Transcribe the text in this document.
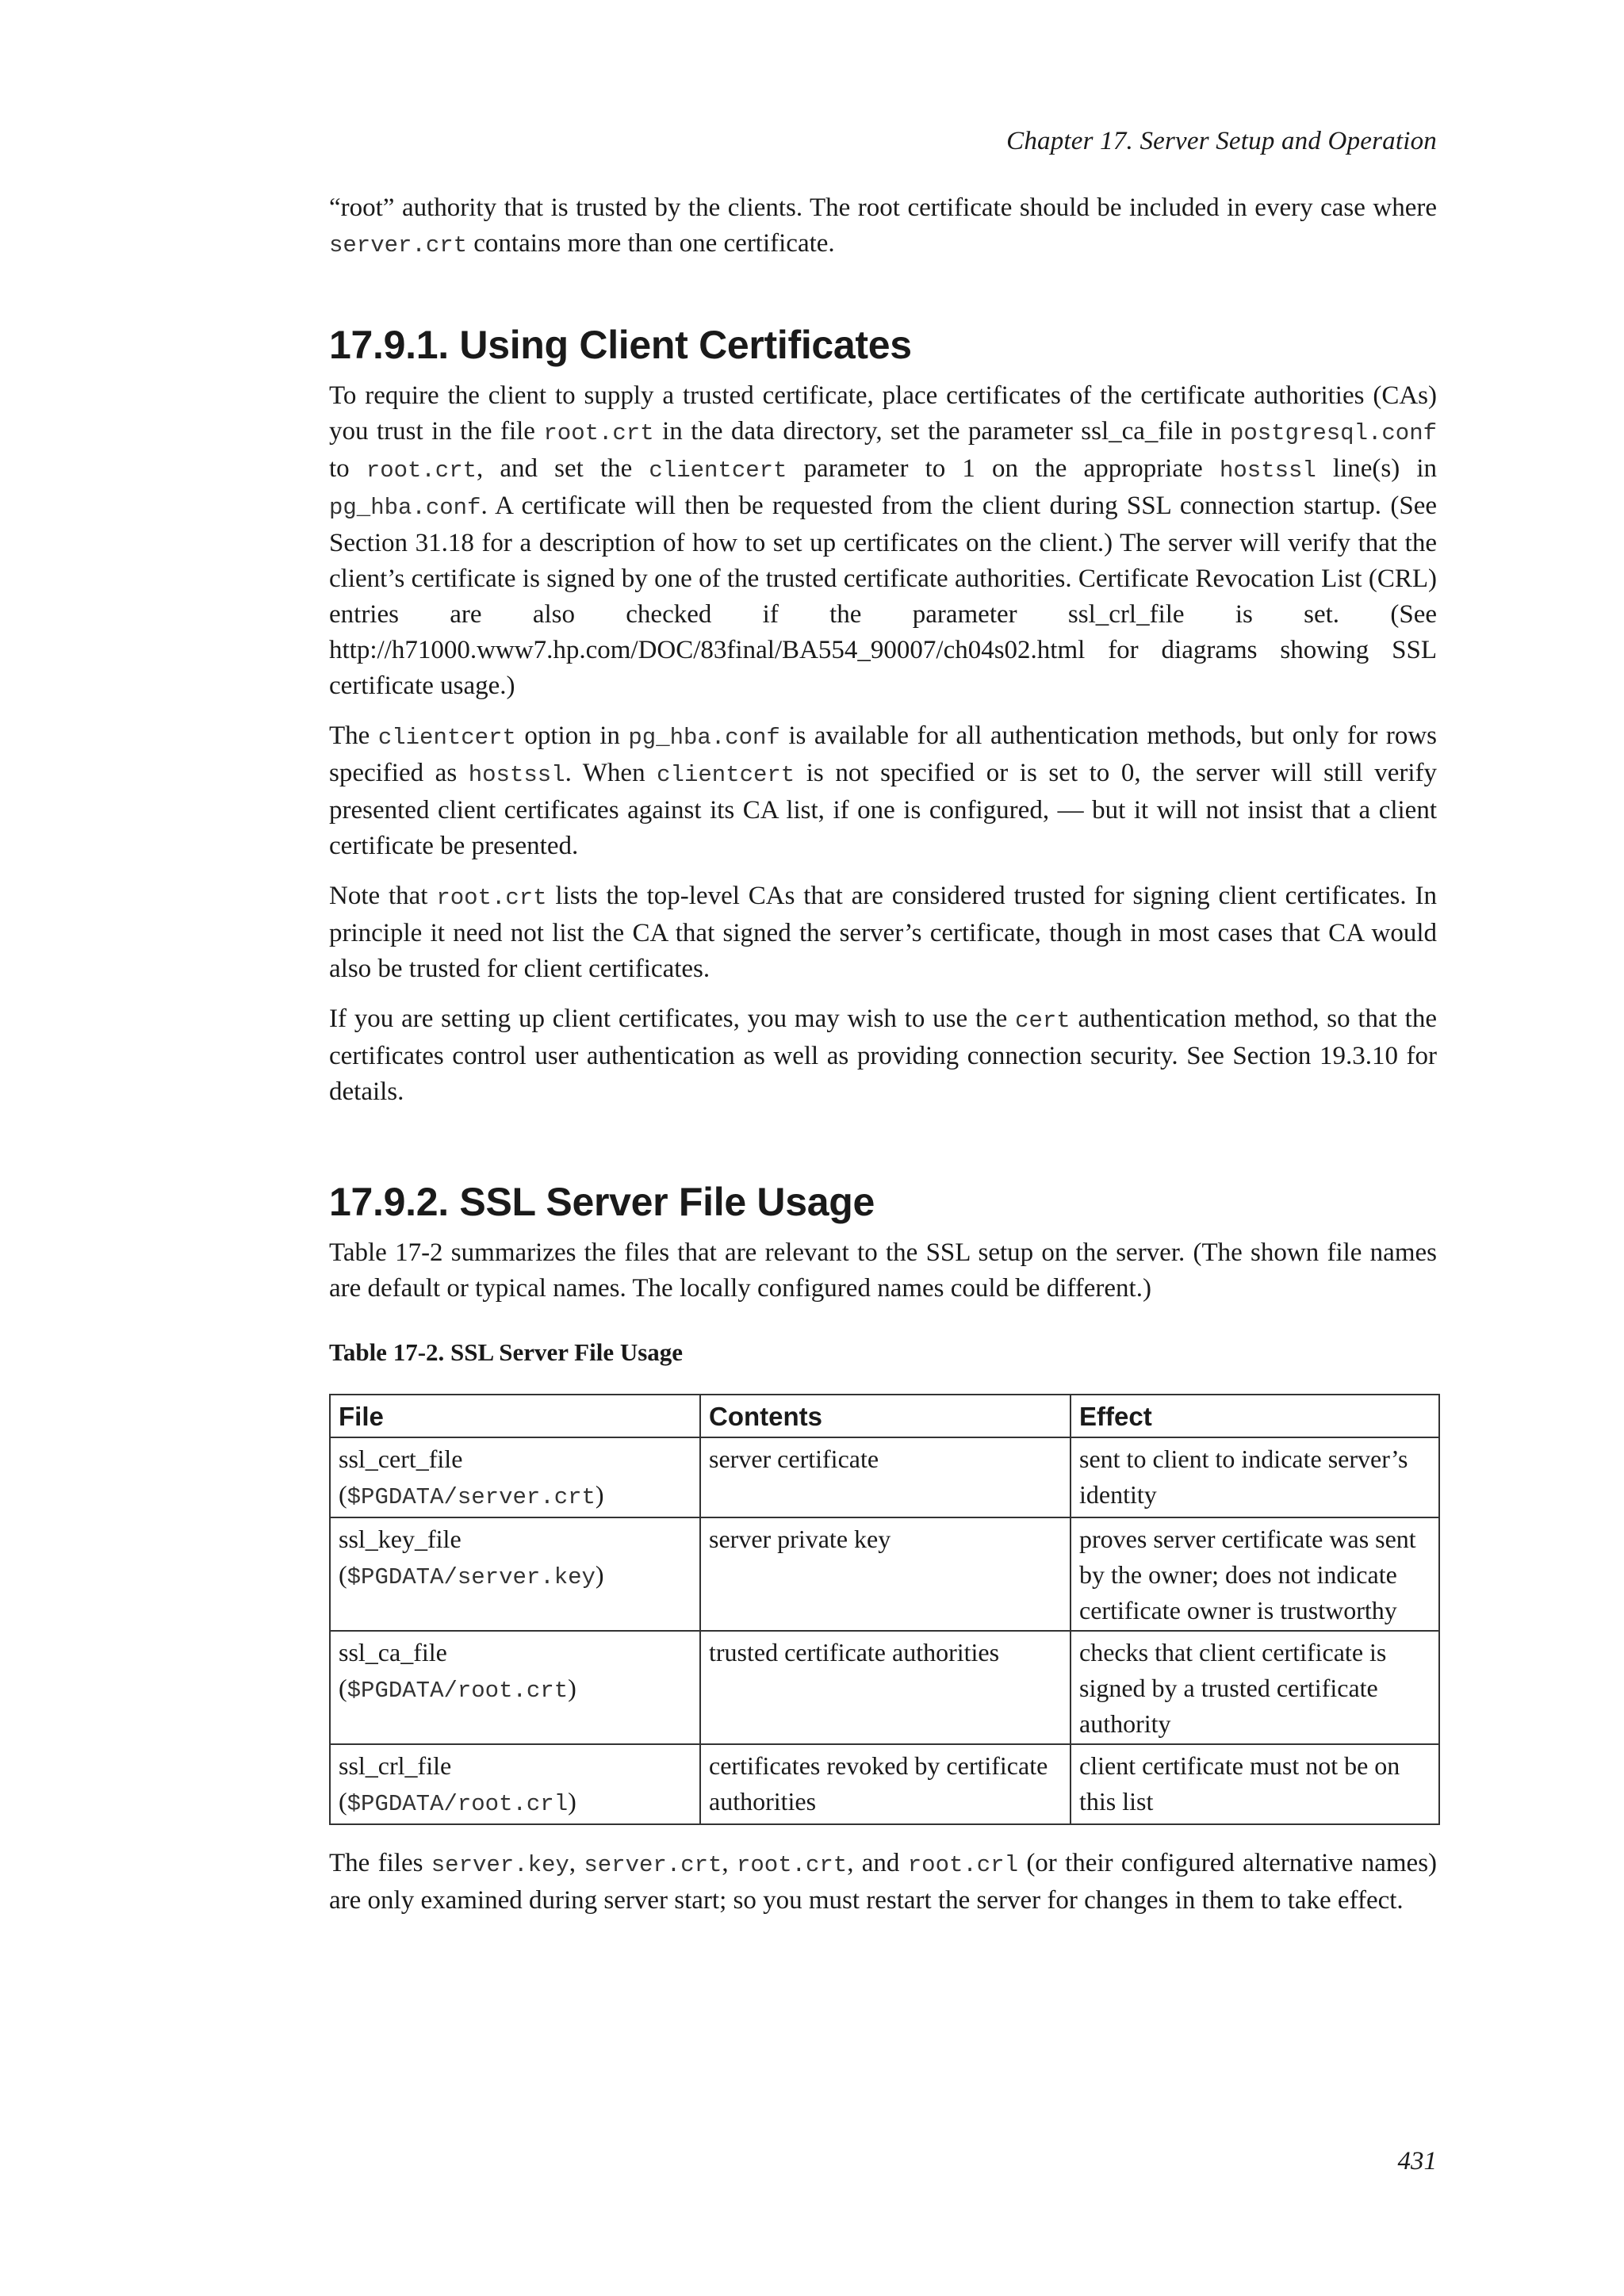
Chapter 17. Server Setup and Operation

“root” authority that is trusted by the clients. The root certificate should be included in every case where server.crt contains more than one certificate.

17.9.1. Using Client Certificates

To require the client to supply a trusted certificate, place certificates of the certificate authorities (CAs) you trust in the file root.crt in the data directory, set the parameter ssl_ca_file in postgresql.conf to root.crt, and set the clientcert parameter to 1 on the appropriate hostssl line(s) in pg_hba.conf. A certificate will then be requested from the client during SSL connection startup. (See Section 31.18 for a description of how to set up certificates on the client.) The server will verify that the client’s certificate is signed by one of the trusted certificate authorities. Certificate Revocation List (CRL) entries are also checked if the parameter ssl_crl_file is set. (See http://h71000.www7.hp.com/DOC/83final/BA554_90007/ch04s02.html for diagrams showing SSL certificate usage.)

The clientcert option in pg_hba.conf is available for all authentication methods, but only for rows specified as hostssl. When clientcert is not specified or is set to 0, the server will still verify presented client certificates against its CA list, if one is configured, — but it will not insist that a client certificate be presented.

Note that root.crt lists the top-level CAs that are considered trusted for signing client certificates. In principle it need not list the CA that signed the server’s certificate, though in most cases that CA would also be trusted for client certificates.

If you are setting up client certificates, you may wish to use the cert authentication method, so that the certificates control user authentication as well as providing connection security. See Section 19.3.10 for details.

17.9.2. SSL Server File Usage

Table 17-2 summarizes the files that are relevant to the SSL setup on the server. (The shown file names are default or typical names. The locally configured names could be different.)

Table 17-2. SSL Server File Usage
File	Contents	Effect
ssl_cert_file
($PGDATA/server.crt)	server certificate	sent to client to indicate server’s identity
ssl_key_file
($PGDATA/server.key)	server private key	proves server certificate was sent by the owner; does not indicate certificate owner is trustworthy
ssl_ca_file
($PGDATA/root.crt)	trusted certificate authorities	checks that client certificate is signed by a trusted certificate authority
ssl_crl_file
($PGDATA/root.crl)	certificates revoked by certificate authorities	client certificate must not be on this list

The files server.key, server.crt, root.crt, and root.crl (or their configured alternative names) are only examined during server start; so you must restart the server for changes in them to take effect.

431
